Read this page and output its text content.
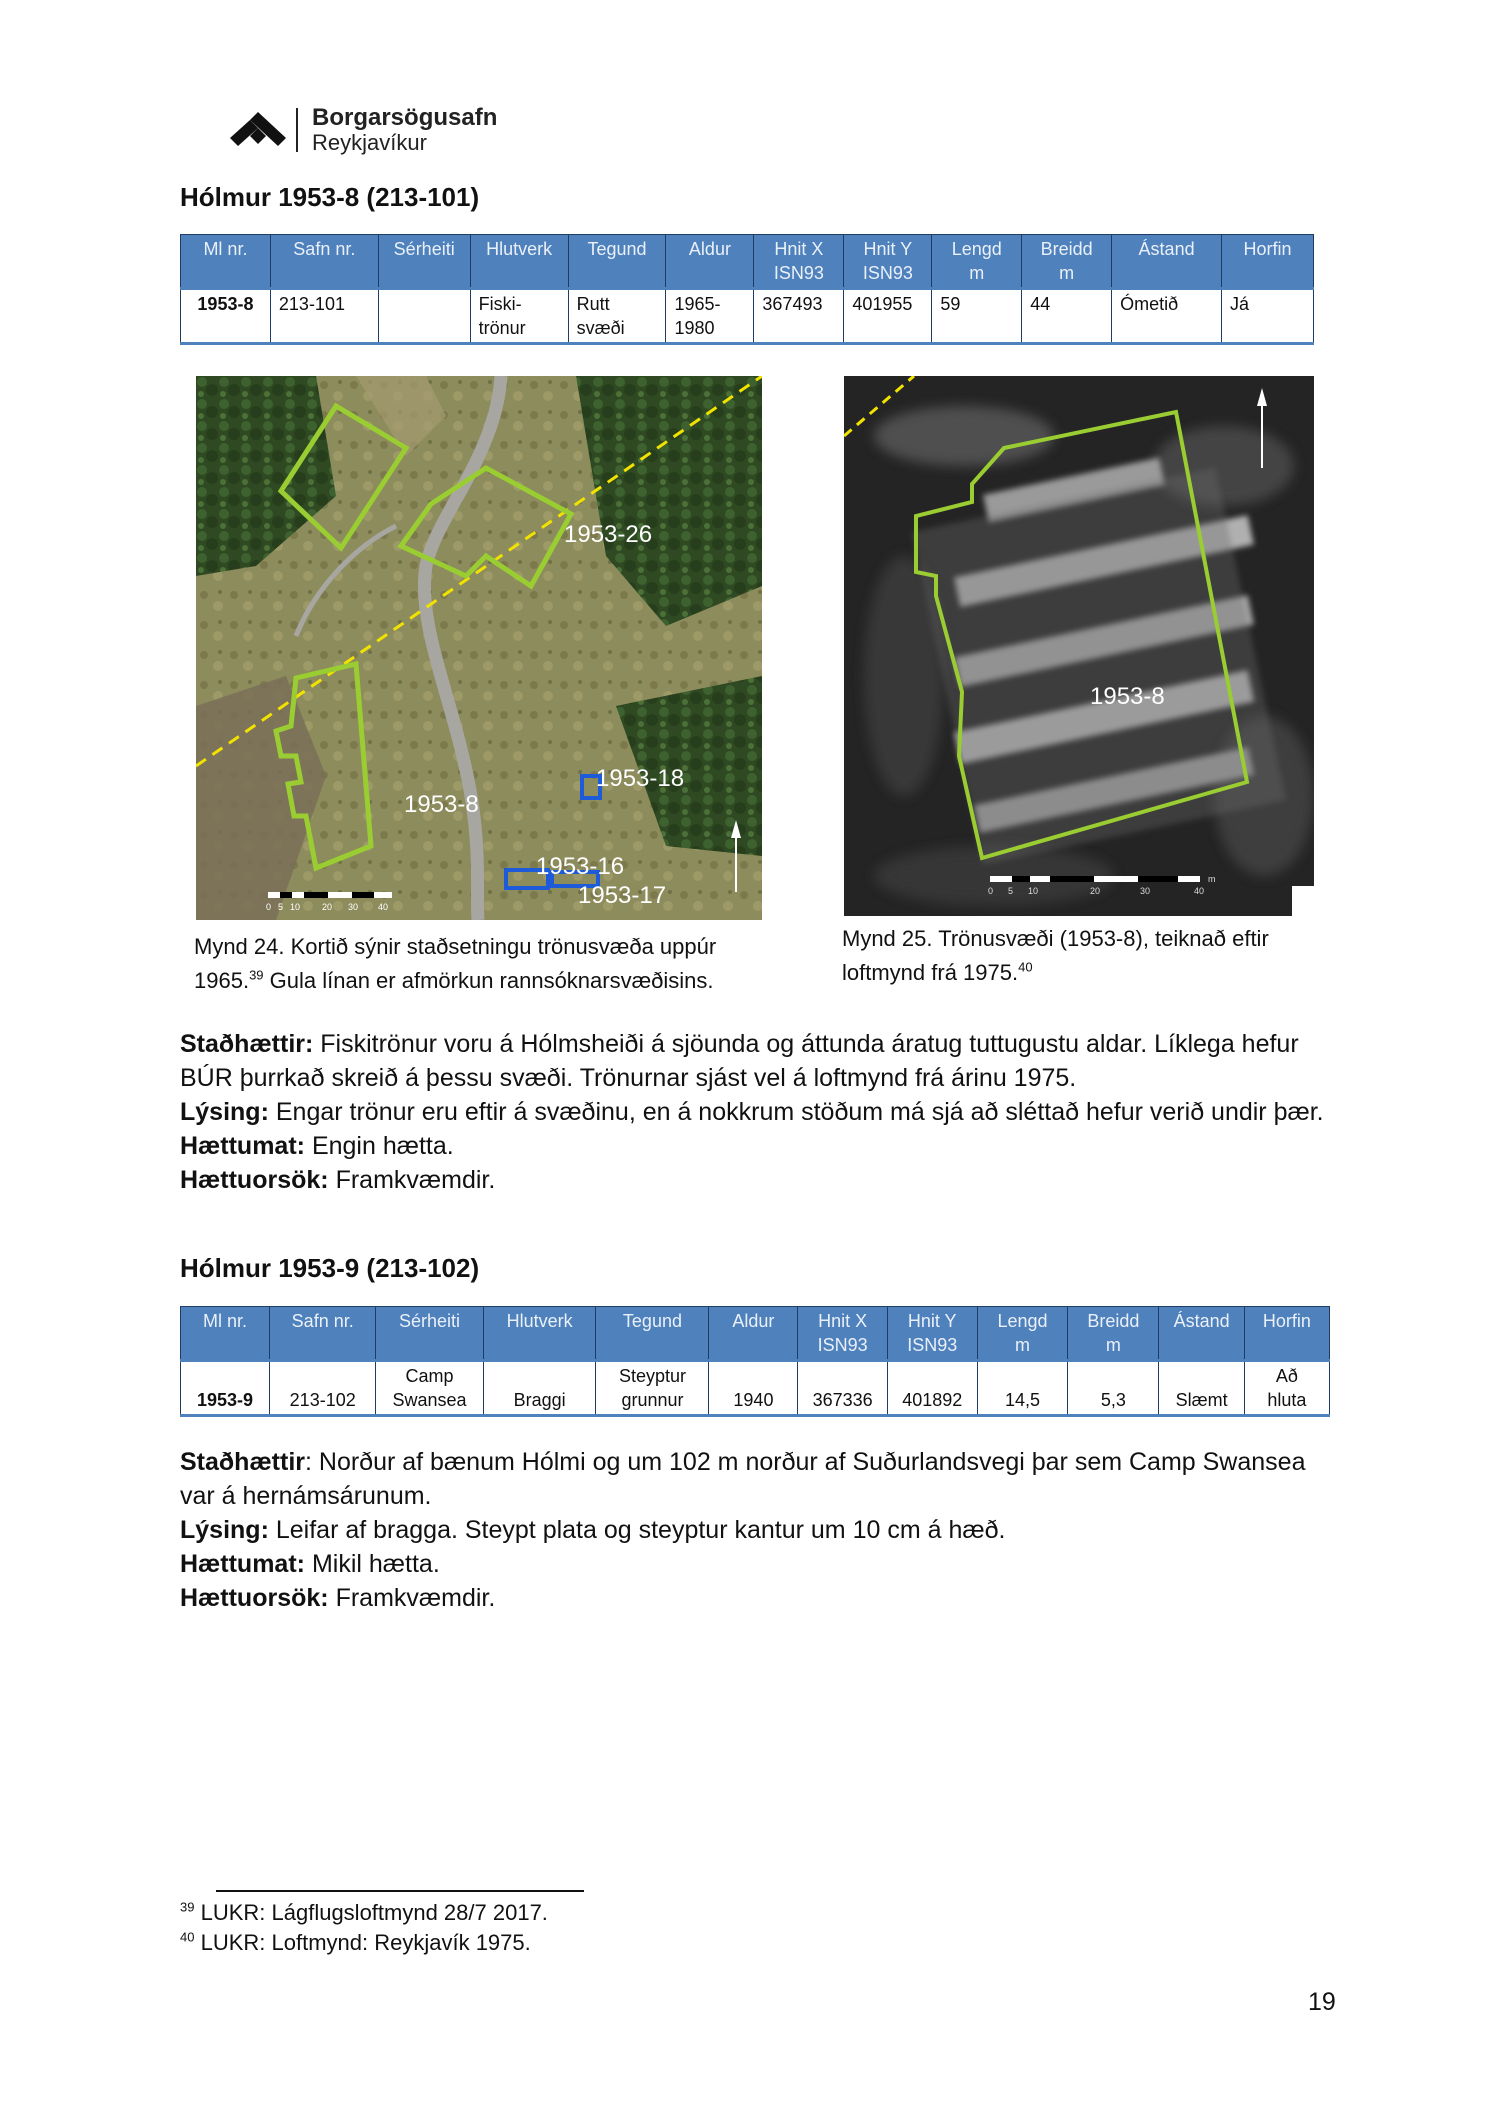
Borgarsögusafn
Reykjavíkur
Hólmur 1953-8 (213-101)
Ml nr.	Safn nr.	Sérheiti	Hlutverk	Tegund	Aldur	Hnit X
ISN93	Hnit Y
ISN93	Lengd
m	Breidd
m	Ástand	Horfin
1953-8	213-101		Fiski-
trönur	Rutt
svæði	1965-
1980	367493	401955	59	44	Ómetið	Já
1953-26
1953-8
1953-18
1953-16
1953-17
0 5 10 20 30 40
Mynd 24. Kortið sýnir staðsetningu trönusvæða uppúr
1965.39 Gula línan er afmörkun rannsóknarsvæðisins.
1953-8
0 5 10	20	30	40
m
Mynd 25. Trönusvæði (1953-8), teiknað eftir
loftmynd frá 1975.40
Staðhættir: Fiskitrönur voru á Hólmsheiði á sjöunda og áttunda áratug tuttugustu aldar. Líklega hefur BÚR þurrkað skreið á þessu svæði. Trönurnar sjást vel á loftmynd frá árinu 1975.
Lýsing: Engar trönur eru eftir á svæðinu, en á nokkrum stöðum má sjá að sléttað hefur verið undir þær.
Hættumat: Engin hætta.
Hættuorsök: Framkvæmdir.
Hólmur 1953-9 (213-102)
Ml nr.	Safn nr.	Sérheiti	Hlutverk	Tegund	Aldur	Hnit X
ISN93	Hnit Y
ISN93	Lengd
m	Breidd
m	Ástand	Horfin
1953-9	213-102	Camp
Swansea	Braggi	Steyptur
grunnur	1940	367336	401892	14,5	5,3	Slæmt	Að
hluta
Staðhættir: Norður af bænum Hólmi og um 102 m norður af Suðurlandsvegi þar sem Camp Swansea var á hernámsárunum.
Lýsing: Leifar af bragga. Steypt plata og steyptur kantur um 10 cm á hæð.
Hættumat: Mikil hætta.
Hættuorsök: Framkvæmdir.
$^{39}$ LUKR: Lágflugsloftmynd 28/7 2017.
$^{40}$ LUKR: Loftmynd: Reykjavík 1975.
19
